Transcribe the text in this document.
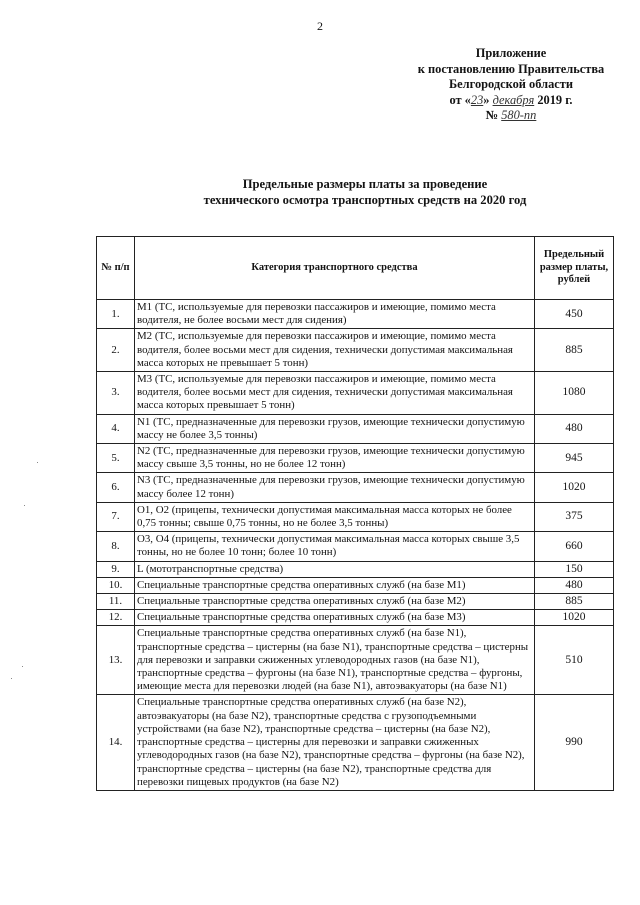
2
Приложение
к постановлению Правительства
Белгородской области
от «23» декабря 2019 г.
№ 580-пп
Предельные размеры платы за проведение
технического осмотра транспортных средств на 2020 год
№ п/п	Категория транспортного средства	Предельный размер платы, рублей
1.	М1 (ТС, используемые для перевозки пассажиров и имеющие, помимо места водителя, не более восьми мест для сидения)	450
2.	М2 (ТС, используемые для перевозки пассажиров и имеющие, помимо места водителя, более восьми мест для сидения, технически допустимая максимальная масса которых не превышает 5 тонн)	885
3.	М3 (ТС, используемые для перевозки пассажиров и имеющие, помимо места водителя, более восьми мест для сидения, технически допустимая максимальная масса которых превышает 5 тонн)	1080
4.	N1 (ТС, предназначенные для перевозки грузов, имеющие технически допустимую массу не более 3,5 тонны)	480
5.	N2 (ТС, предназначенные для перевозки грузов, имеющие технически допустимую массу свыше 3,5 тонны, но не более 12 тонн)	945
6.	N3 (ТС, предназначенные для перевозки грузов, имеющие технически допустимую массу более 12 тонн)	1020
7.	О1, О2 (прицепы, технически допустимая максимальная масса которых не более 0,75 тонны; свыше 0,75 тонны, но не более 3,5 тонны)	375
8.	О3, О4 (прицепы, технически допустимая максимальная масса которых свыше 3,5 тонны, но не более 10 тонн; более 10 тонн)	660
9.	L (мототранспортные средства)	150
10.	Специальные транспортные средства оперативных служб (на базе М1)	480
11.	Специальные транспортные средства оперативных служб (на базе М2)	885
12.	Специальные транспортные средства оперативных служб (на базе М3)	1020
13.	Специальные транспортные средства оперативных служб (на базе N1), транспортные средства – цистерны (на базе N1), транспортные средства – цистерны для перевозки и заправки сжиженных углеводородных газов (на базе N1), транспортные средства – фургоны (на базе N1), транспортные средства – фургоны, имеющие места для перевозки людей (на базе N1), автоэвакуаторы (на базе N1)	510
14.	Специальные транспортные средства оперативных служб (на базе N2), автоэвакуаторы (на базе N2), транспортные средства с грузоподъемными устройствами (на базе N2), транспортные средства – цистерны (на базе N2), транспортные средства – цистерны для перевозки и заправки сжиженных углеводородных газов (на базе N2), транспортные средства – фургоны (на базе N2), транспортные средства – цистерны (на базе N2), транспортные средства для перевозки пищевых продуктов (на базе N2)	990
